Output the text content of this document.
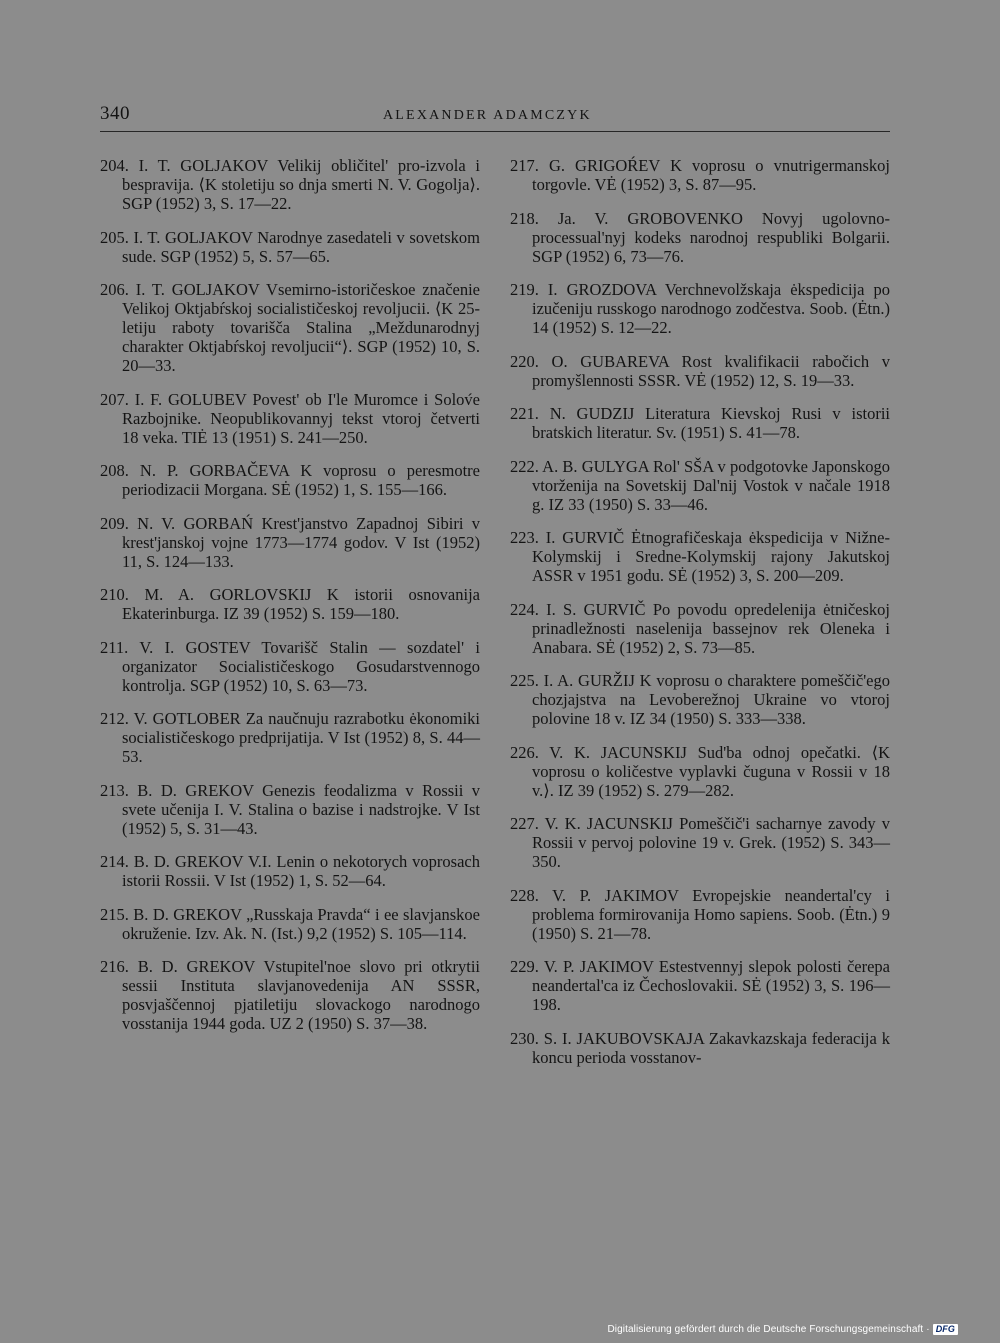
340	ALEXANDER ADAMCZYK

204. I. T. GOLJAKOV Velikij obličitel' pro-izvola i bespravija. ⟨K stoletiju so dnja smerti N. V. Gogolja⟩. SGP (1952) 3, S. 17—22.

205. I. T. GOLJAKOV Narodnye zasedateli v sovetskom sude. SGP (1952) 5, S. 57—65.

206. I. T. GOLJAKOV Vsemirno-istoričeskoe značenie Velikoj Oktjabŕskoj socialističeskoj revoljucii. ⟨K 25-letiju raboty tovarišča Stalina „Meždunarodnyj charakter Oktjabŕskoj revoljucii“⟩. SGP (1952) 10, S. 20—33.

207. I. F. GOLUBEV Povest' ob I'le Muromce i Solov́e Razbojnike. Neopublikovannyj tekst vtoroj četverti 18 veka. TIĖ 13 (1951) S. 241—250.

208. N. P. GORBAČEVA K voprosu o peresmotre periodizacii Morgana. SĖ (1952) 1, S. 155—166.

209. N. V. GORBAŃ Krest'janstvo Zapadnoj Sibiri v krest'janskoj vojne 1773—1774 godov. V Ist (1952) 11, S. 124—133.

210. M. A. GORLOVSKIJ K istorii osnovanija Ekaterinburga. IZ 39 (1952) S. 159—180.

211. V. I. GOSTEV Tovarišč Stalin — sozdatel' i organizator Socialističeskogo Gosudarstvennogo kontrolja. SGP (1952) 10, S. 63—73.

212. V. GOTLOBER Za naučnuju razrabotku ėkonomiki socialističeskogo predprijatija. V Ist (1952) 8, S. 44—53.

213. B. D. GREKOV Genezis feodalizma v Rossii v svete učenija I. V. Stalina o bazise i nadstrojke. V Ist (1952) 5, S. 31—43.

214. B. D. GREKOV V.I. Lenin o nekotorych voprosach istorii Rossii. V Ist (1952) 1, S. 52—64.

215. B. D. GREKOV „Russkaja Pravda“ i ee slavjanskoe okruženie. Izv. Ak. N. (Ist.) 9,2 (1952) S. 105—114.

216. B. D. GREKOV Vstupitel'noe slovo pri otkrytii sessii Instituta slavjanovedenija AN SSSR, posvjaščennoj pjatiletiju slovackogo narodnogo vosstanija 1944 goda. UZ 2 (1950) S. 37—38.

217. G. GRIGOŔEV K voprosu o vnutrigermanskoj torgovle. VĖ (1952) 3, S. 87—95.

218. Ja. V. GROBOVENKO Novyj ugolovno-processual'nyj kodeks narodnoj respubliki Bolgarii. SGP (1952) 6, 73—76.

219. I. GROZDOVA Verchnevolžskaja ėkspedicija po izučeniju russkogo narodnogo zodčestva. Soob. (Ėtn.) 14 (1952) S. 12—22.

220. O. GUBAREVA Rost kvalifikacii rabočich v promyšlennosti SSSR. VĖ (1952) 12, S. 19—33.

221. N. GUDZIJ Literatura Kievskoj Rusi v istorii bratskich literatur. Sv. (1951) S. 41—78.

222. A. B. GULYGA Rol' SŠA v podgotovke Japonskogo vtorženija na Sovetskij Dal'nij Vostok v načale 1918 g. IZ 33 (1950) S. 33—46.

223. I. GURVIČ Ėtnografičeskaja ėkspedicija v Nižne-Kolymskij i Sredne-Kolymskij rajony Jakutskoj ASSR v 1951 godu. SĖ (1952) 3, S. 200—209.

224. I. S. GURVIČ Po povodu opredelenija ėtničeskoj prinadležnosti naselenija bassejnov rek Oleneka i Anabara. SĖ (1952) 2, S. 73—85.

225. I. A. GURŽIJ K voprosu o charaktere pomeščič'ego chozjajstva na Levoberežnoj Ukraine vo vtoroj polovine 18 v. IZ 34 (1950) S. 333—338.

226. V. K. JACUNSKIJ Sud'ba odnoj opečatki. ⟨K voprosu o količestve vyplavki čuguna v Rossii v 18 v.⟩. IZ 39 (1952) S. 279—282.

227. V. K. JACUNSKIJ Pomeščič'i sacharnye zavody v Rossii v pervoj polovine 19 v. Grek. (1952) S. 343—350.

228. V. P. JAKIMOV Evropejskie neandertal'cy i problema formirovanija Homo sapiens. Soob. (Ėtn.) 9 (1950) S. 21—78.

229. V. P. JAKIMOV Estestvennyj slepok polosti čerepa neandertal'ca iz Čechoslovakii. SĖ (1952) 3, S. 196—198.

230. S. I. JAKUBOVSKAJA Zakavkazskaja federacija k koncu perioda vosstanov-

Digitalisierung gefördert durch die Deutsche Forschungsgemeinschaft · DFG
